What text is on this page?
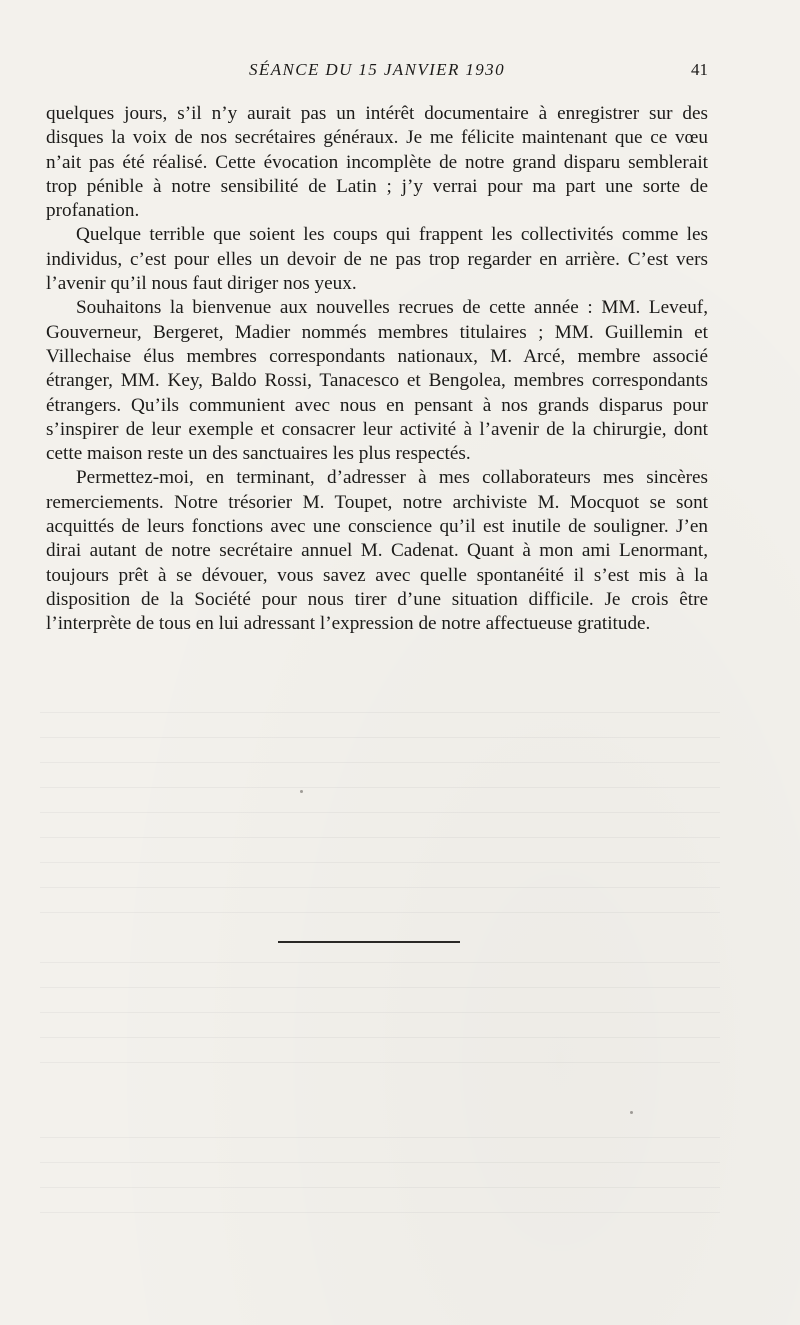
SÉANCE DU 15 JANVIER 1930	41

quelques jours, s’il n’y aurait pas un intérêt documentaire à enregistrer sur des disques la voix de nos secrétaires généraux. Je me félicite maintenant que ce vœu n’ait pas été réalisé. Cette évocation incomplète de notre grand disparu semblerait trop pénible à notre sensibilité de Latin ; j’y verrai pour ma part une sorte de profanation.

Quelque terrible que soient les coups qui frappent les collectivités comme les individus, c’est pour elles un devoir de ne pas trop regarder en arrière. C’est vers l’avenir qu’il nous faut diriger nos yeux.

Souhaitons la bienvenue aux nouvelles recrues de cette année : MM. Leveuf, Gouverneur, Bergeret, Madier nommés membres titulaires ; MM. Guillemin et Villechaise élus membres correspondants nationaux, M. Arcé, membre associé étranger, MM. Key, Baldo Rossi, Tanacesco et Bengolea, membres correspondants étrangers. Qu’ils communient avec nous en pensant à nos grands disparus pour s’inspirer de leur exemple et consacrer leur activité à l’avenir de la chirurgie, dont cette maison reste un des sanctuaires les plus respectés.

Permettez-moi, en terminant, d’adresser à mes collaborateurs mes sincères remerciements. Notre trésorier M. Toupet, notre archiviste M. Mocquot se sont acquittés de leurs fonctions avec une conscience qu’il est inutile de souligner. J’en dirai autant de notre secrétaire annuel M. Cadenat. Quant à mon ami Lenormant, toujours prêt à se dévouer, vous savez avec quelle spontanéité il s’est mis à la disposition de la Société pour nous tirer d’une situation difficile. Je crois être l’interprète de tous en lui adressant l’expression de notre affectueuse gratitude.
